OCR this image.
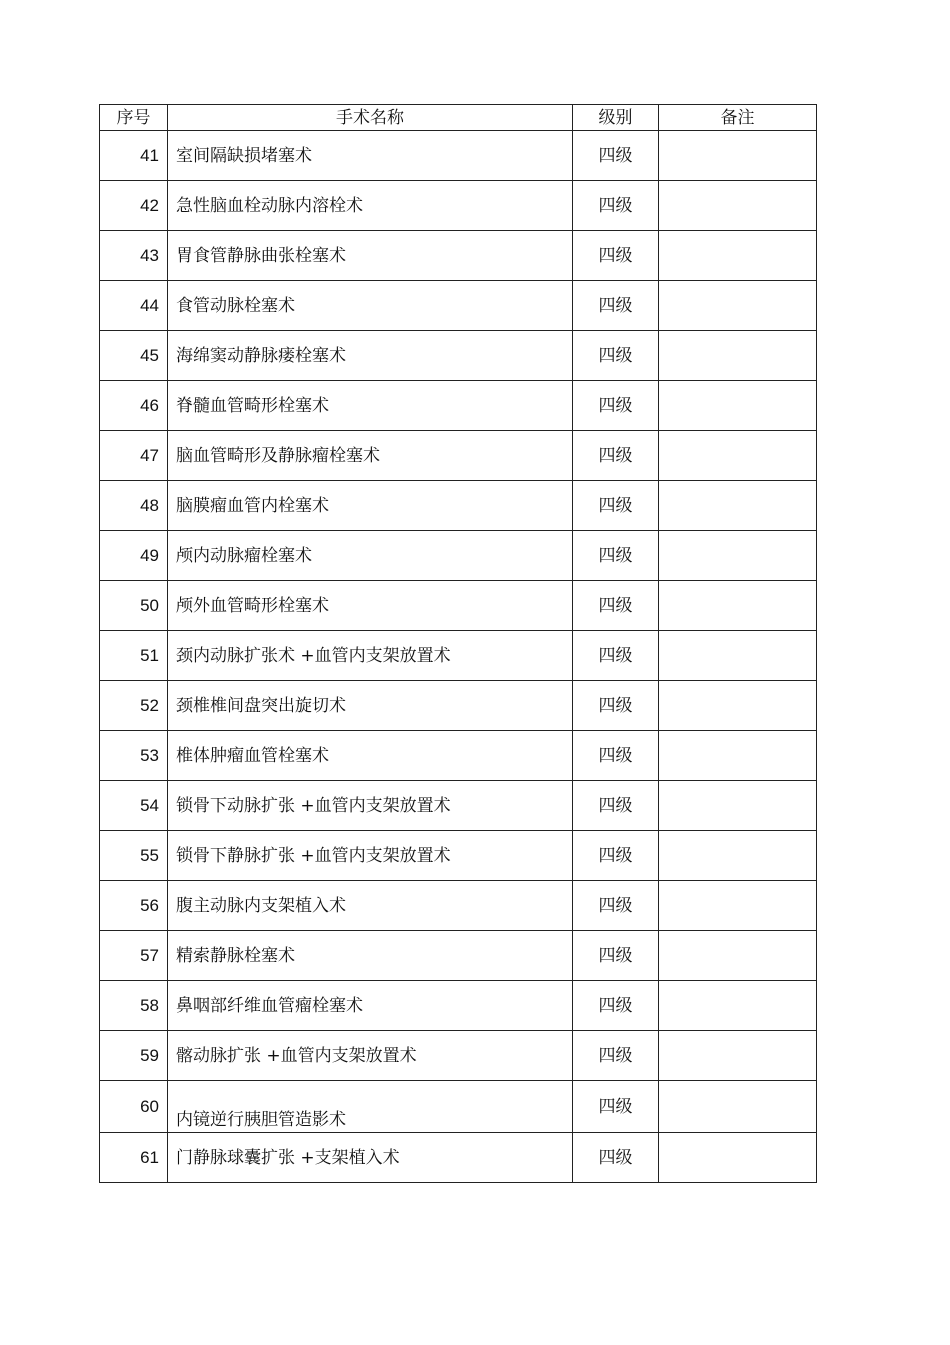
序号	手术名称	级别	备注
41	室间隔缺损堵塞术	四级	
42	急性脑血栓动脉内溶栓术	四级	
43	胃食管静脉曲张栓塞术	四级	
44	食管动脉栓塞术	四级	
45	海绵窦动静脉瘘栓塞术	四级	
46	脊髓血管畸形栓塞术	四级	
47	脑血管畸形及静脉瘤栓塞术	四级	
48	脑膜瘤血管内栓塞术	四级	
49	颅内动脉瘤栓塞术	四级	
50	颅外血管畸形栓塞术	四级	
51	颈内动脉扩张术 +血管内支架放置术	四级	
52	颈椎椎间盘突出旋切术	四级	
53	椎体肿瘤血管栓塞术	四级	
54	锁骨下动脉扩张 +血管内支架放置术	四级	
55	锁骨下静脉扩张 +血管内支架放置术	四级	
56	腹主动脉内支架植入术	四级	
57	精索静脉栓塞术	四级	
58	鼻咽部纤维血管瘤栓塞术	四级	
59	髂动脉扩张 +血管内支架放置术	四级	
60	内镜逆行胰胆管造影术	四级	
61	门静脉球囊扩张 +支架植入术	四级	
